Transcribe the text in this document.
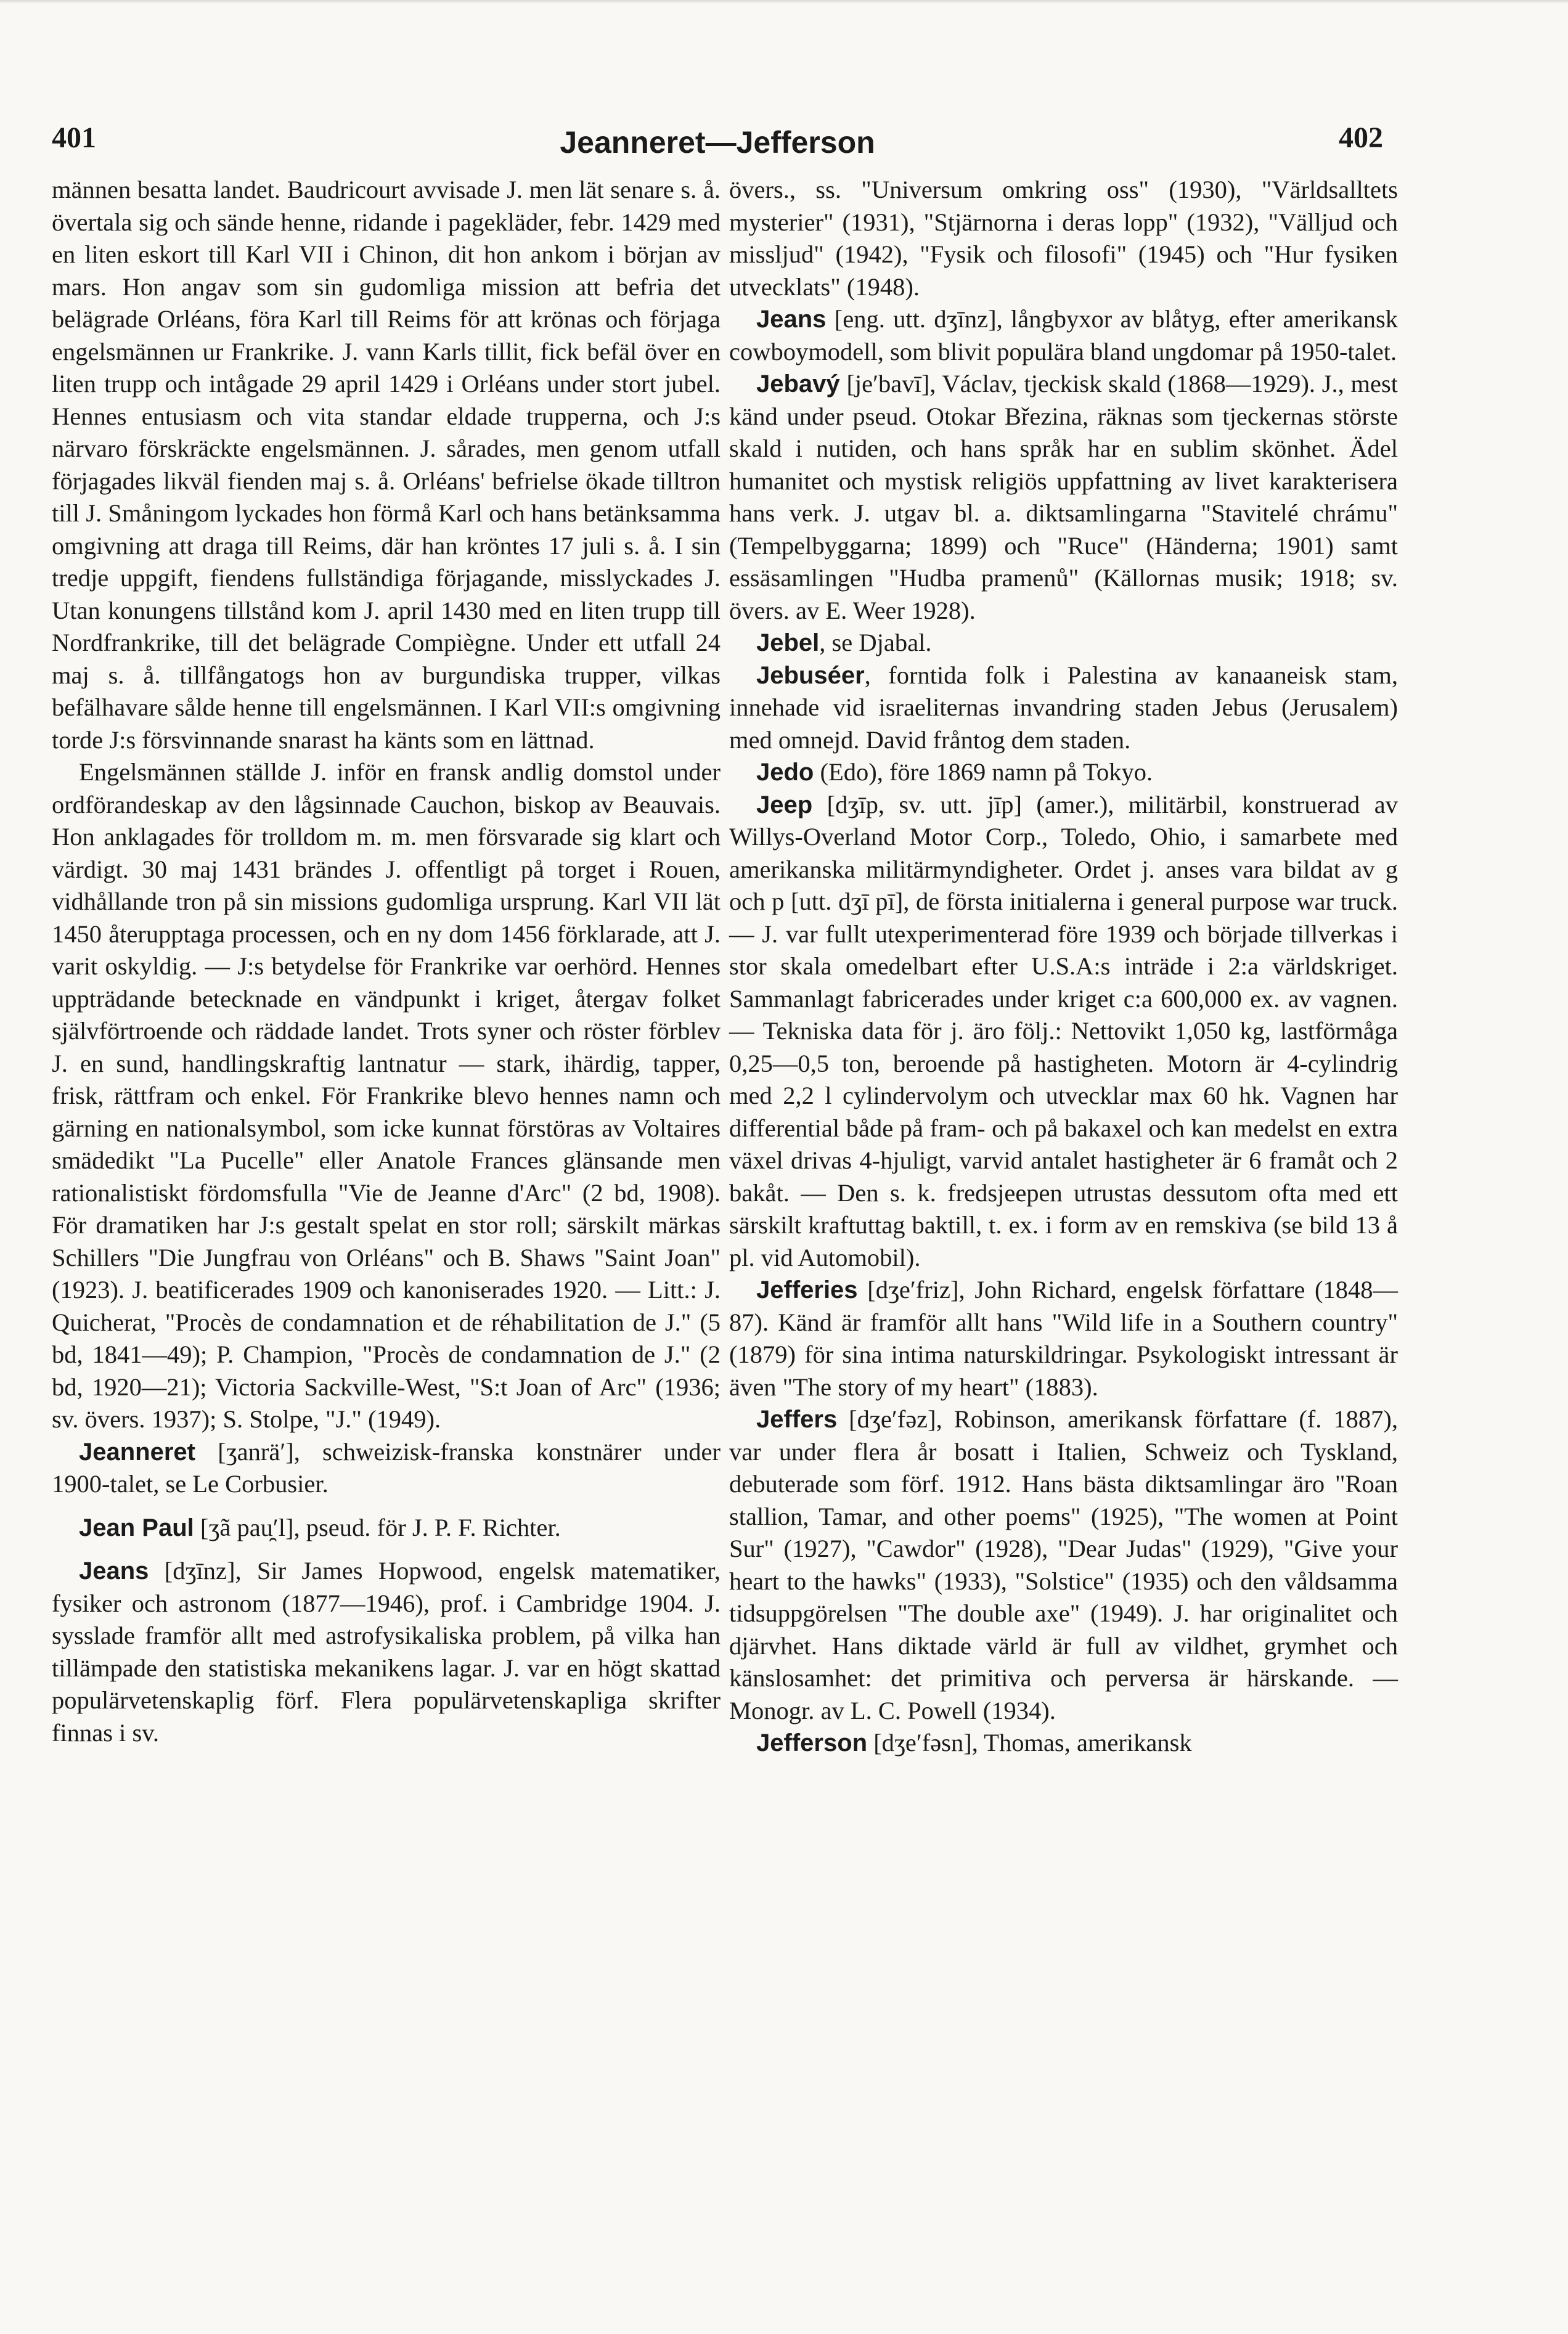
401	Jeanneret—Jefferson	402

männen besatta landet. Baudricourt avvisade J. men lät senare s. å. övertala sig och sände henne, ridande i pagekläder, febr. 1429 med en liten eskort till Karl VII i Chinon, dit hon ankom i början av mars. Hon angav som sin gudomliga mission att befria det belägrade Orléans, föra Karl till Reims för att krönas och förjaga engelsmännen ur Frankrike. J. vann Karls tillit, fick befäl över en liten trupp och intågade 29 april 1429 i Orléans under stort jubel. Hennes entusiasm och vita standar eldade trupperna, och J:s närvaro förskräckte engelsmännen. J. sårades, men genom utfall förjagades likväl fienden maj s. å. Orléans' befrielse ökade tilltron till J. Småningom lyckades hon förmå Karl och hans betänksamma omgivning att draga till Reims, där han kröntes 17 juli s. å. I sin tredje uppgift, fiendens fullständiga förjagande, misslyckades J. Utan konungens tillstånd kom J. april 1430 med en liten trupp till Nordfrankrike, till det belägrade Compiègne. Under ett utfall 24 maj s. å. tillfångatogs hon av burgundiska trupper, vilkas befälhavare sålde henne till engelsmännen. I Karl VII:s omgivning torde J:s försvinnande snarast ha känts som en lättnad.

Engelsmännen ställde J. inför en fransk andlig domstol under ordförandeskap av den lågsinnade Cauchon, biskop av Beauvais. Hon anklagades för trolldom m. m. men försvarade sig klart och värdigt. 30 maj 1431 brändes J. offentligt på torget i Rouen, vidhållande tron på sin missions gudomliga ursprung. Karl VII lät 1450 återupptaga processen, och en ny dom 1456 förklarade, att J. varit oskyldig. — J:s betydelse för Frankrike var oerhörd. Hennes uppträdande betecknade en vändpunkt i kriget, återgav folket självförtroende och räddade landet. Trots syner och röster förblev J. en sund, handlingskraftig lantnatur — stark, ihärdig, tapper, frisk, rättfram och enkel. För Frankrike blevo hennes namn och gärning en nationalsymbol, som icke kunnat förstöras av Voltaires smädedikt "La Pucelle" eller Anatole Frances glänsande men rationalistiskt fördomsfulla "Vie de Jeanne d'Arc" (2 bd, 1908). För dramatiken har J:s gestalt spelat en stor roll; särskilt märkas Schillers "Die Jungfrau von Orléans" och B. Shaws "Saint Joan" (1923). J. beatificerades 1909 och kanoniserades 1920. — Litt.: J. Quicherat, "Procès de condamnation et de réhabilitation de J." (5 bd, 1841—49); P. Champion, "Procès de condamnation de J." (2 bd, 1920—21); Victoria Sackville-West, "S:t Joan of Arc" (1936; sv. övers. 1937); S. Stolpe, "J." (1949).

Jeanneret [ʒanrä′], schweizisk-franska konstnärer under 1900-talet, se Le Corbusier.

Jean Paul [ʒã pau̯′l], pseud. för J. P. F. Richter.

Jeans [dʒīnz], Sir James Hopwood, engelsk matematiker, fysiker och astronom (1877—1946), prof. i Cambridge 1904. J. sysslade framför allt med astrofysikaliska problem, på vilka han tillämpade den statistiska mekanikens lagar. J. var en högt skattad populärvetenskaplig förf. Flera populärvetenskapliga skrifter finnas i sv.

övers., ss. "Universum omkring oss" (1930), "Världsalltets mysterier" (1931), "Stjärnorna i deras lopp" (1932), "Välljud och missljud" (1942), "Fysik och filosofi" (1945) och "Hur fysiken utvecklats" (1948).

Jeans [eng. utt. dʒīnz], långbyxor av blåtyg, efter amerikansk cowboymodell, som blivit populära bland ungdomar på 1950-talet.

Jebavý [je′bavī], Václav, tjeckisk skald (1868—1929). J., mest känd under pseud. Otokar Březina, räknas som tjeckernas störste skald i nutiden, och hans språk har en sublim skönhet. Ädel humanitet och mystisk religiös uppfattning av livet karakterisera hans verk. J. utgav bl. a. diktsamlingarna "Stavitelé chrámu" (Tempelbyggarna; 1899) och "Ruce" (Händerna; 1901) samt essäsamlingen "Hudba pramenů" (Källornas musik; 1918; sv. övers. av E. Weer 1928).

Jebel, se Djabal.

Jebuséer, forntida folk i Palestina av kanaaneisk stam, innehade vid israeliternas invandring staden Jebus (Jerusalem) med omnejd. David fråntog dem staden.

Jedo (Edo), före 1869 namn på Tokyo.

Jeep [dʒīp, sv. utt. jīp] (amer.), militärbil, konstruerad av Willys-Overland Motor Corp., Toledo, Ohio, i samarbete med amerikanska militärmyndigheter. Ordet j. anses vara bildat av g och p [utt. dʒī pī], de första initialerna i general purpose war truck. — J. var fullt utexperimenterad före 1939 och började tillverkas i stor skala omedelbart efter U.S.A:s inträde i 2:a världskriget. Sammanlagt fabricerades under kriget c:a 600,000 ex. av vagnen. — Tekniska data för j. äro följ.: Nettovikt 1,050 kg, lastförmåga 0,25—0,5 ton, beroende på hastigheten. Motorn är 4-cylindrig med 2,2 l cylindervolym och utvecklar max 60 hk. Vagnen har differential både på fram- och på bakaxel och kan medelst en extra växel drivas 4-hjuligt, varvid antalet hastigheter är 6 framåt och 2 bakåt. — Den s. k. fredsjeepen utrustas dessutom ofta med ett särskilt kraftuttag baktill, t. ex. i form av en remskiva (se bild 13 å pl. vid Automobil).

Jefferies [dʒe′friz], John Richard, engelsk författare (1848—87). Känd är framför allt hans "Wild life in a Southern country" (1879) för sina intima naturskildringar. Psykologiskt intressant är även "The story of my heart" (1883).

Jeffers [dʒe′fəz], Robinson, amerikansk författare (f. 1887), var under flera år bosatt i Italien, Schweiz och Tyskland, debuterade som förf. 1912. Hans bästa diktsamlingar äro "Roan stallion, Tamar, and other poems" (1925), "The women at Point Sur" (1927), "Cawdor" (1928), "Dear Judas" (1929), "Give your heart to the hawks" (1933), "Solstice" (1935) och den våldsamma tidsuppgörelsen "The double axe" (1949). J. har originalitet och djärvhet. Hans diktade värld är full av vildhet, grymhet och känslosamhet: det primitiva och perversa är härskande. — Monogr. av L. C. Powell (1934).

Jefferson [dʒe′fəsn], Thomas, amerikansk
